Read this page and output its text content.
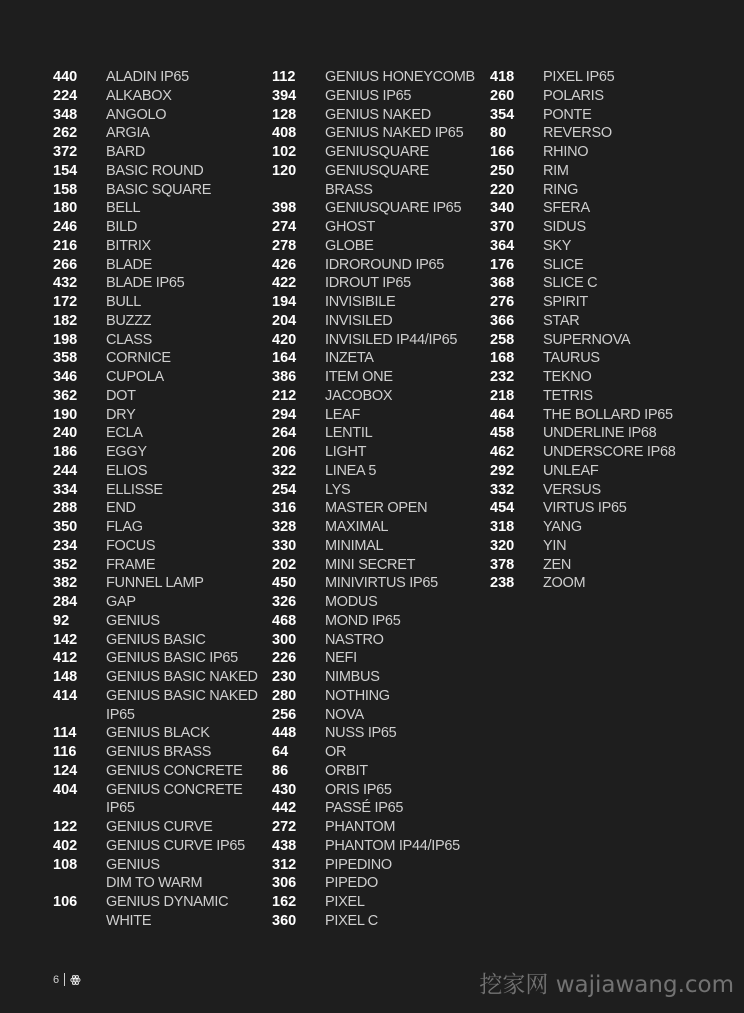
440	ALADIN IP65
224	ALKABOX
348	ANGOLO
262	ARGIA
372	BARD
154	BASIC ROUND
158	BASIC SQUARE
180	BELL
246	BILD
216	BITRIX
266	BLADE
432	BLADE IP65
172	BULL
182	BUZZZ
198	CLASS
358	CORNICE
346	CUPOLA
362	DOT
190	DRY
240	ECLA
186	EGGY
244	ELIOS
334	ELLISSE
288	END
350	FLAG
234	FOCUS
352	FRAME
382	FUNNEL LAMP
284	GAP
92	GENIUS
142	GENIUS BASIC
412	GENIUS BASIC IP65
148	GENIUS BASIC NAKED
414	GENIUS BASIC NAKED
IP65
114	GENIUS BLACK
116	GENIUS BRASS
124	GENIUS CONCRETE
404	GENIUS CONCRETE
IP65
122	GENIUS CURVE
402	GENIUS CURVE IP65
108	GENIUS
DIM TO WARM
106	GENIUS DYNAMIC
WHITE
112	GENIUS HONEYCOMB
394	GENIUS IP65
128	GENIUS NAKED
408	GENIUS NAKED IP65
102	GENIUSQUARE
120	GENIUSQUARE
BRASS
398	GENIUSQUARE IP65
274	GHOST
278	GLOBE
426	IDROROUND IP65
422	IDROUT IP65
194	INVISIBILE
204	INVISILED
420	INVISILED IP44/IP65
164	INZETA
386	ITEM ONE
212	JACOBOX
294	LEAF
264	LENTIL
206	LIGHT
322	LINEA 5
254	LYS
316	MASTER OPEN
328	MAXIMAL
330	MINIMAL
202	MINI SECRET
450	MINIVIRTUS IP65
326	MODUS
468	MOND IP65
300	NASTRO
226	NEFI
230	NIMBUS
280	NOTHING
256	NOVA
448	NUSS IP65
64	OR
86	ORBIT
430	ORIS IP65
442	PASSÉ IP65
272	PHANTOM
438	PHANTOM IP44/IP65
312	PIPEDINO
306	PIPEDO
162	PIXEL
360	PIXEL C
418	PIXEL IP65
260	POLARIS
354	PONTE
80	REVERSO
166	RHINO
250	RIM
220	RING
340	SFERA
370	SIDUS
364	SKY
176	SLICE
368	SLICE C
276	SPIRIT
366	STAR
258	SUPERNOVA
168	TAURUS
232	TEKNO
218	TETRIS
464	THE BOLLARD IP65
458	UNDERLINE IP68
462	UNDERSCORE IP68
292	UNLEAF
332	VERSUS
454	VIRTUS IP65
318	YANG
320	YIN
378	ZEN
238	ZOOM
6 ꙮ	挖家网 wajiawang.com
